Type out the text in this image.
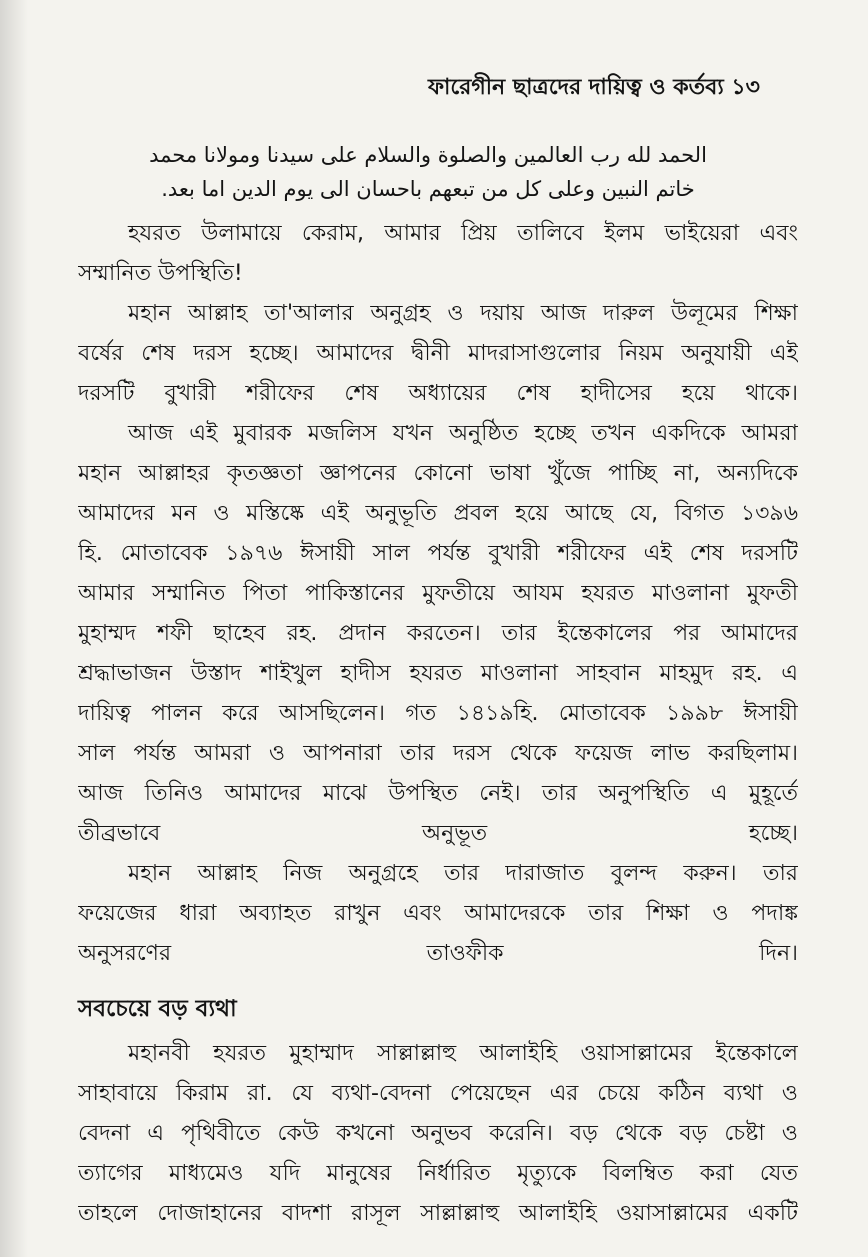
ফারেগীন ছাত্রদের দায়িত্ব ও কর্তব্য ১৩
الحمد لله رب العالمين والصلوة والسلام على سيدنا ومولانا محمد
خاتم النبين وعلى كل من تبعهم باحسان الى يوم الدين اما بعد.
হযরত উলামায়ে কেরাম, আমার প্রিয় তালিবে ইলম ভাইয়েরা এবং
সম্মানিত উপস্থিতি!
মহান আল্লাহ তা'আলার অনুগ্রহ ও দয়ায় আজ দারুল উলূমের শিক্ষা
বর্ষের শেষ দরস হচ্ছে। আমাদের দ্বীনী মাদরাসাগুলোর নিয়ম অনুযায়ী এই
দরসটি বুখারী শরীফের শেষ অধ্যায়ের শেষ হাদীসের হয়ে থাকে।
আজ এই মুবারক মজলিস যখন অনুষ্ঠিত হচ্ছে তখন একদিকে আমরা
মহান আল্লাহর কৃতজ্ঞতা জ্ঞাপনের কোনো ভাষা খুঁজে পাচ্ছি না, অন্যদিকে
আমাদের মন ও মস্তিষ্কে এই অনুভূতি প্রবল হয়ে আছে যে, বিগত ১৩৯৬
হি. মোতাবেক ১৯৭৬ ঈসায়ী সাল পর্যন্ত বুখারী শরীফের এই শেষ দরসটি
আমার সম্মানিত পিতা পাকিস্তানের মুফতীয়ে আযম হযরত মাওলানা মুফতী
মুহাম্মদ শফী ছাহেব রহ. প্রদান করতেন। তার ইন্তেকালের পর আমাদের
শ্রদ্ধাভাজন উস্তাদ শাইখুল হাদীস হযরত মাওলানা সাহবান মাহমুদ রহ. এ
দায়িত্ব পালন করে আসছিলেন। গত ১৪১৯হি. মোতাবেক ১৯৯৮ ঈসায়ী
সাল পর্যন্ত আমরা ও আপনারা তার দরস থেকে ফয়েজ লাভ করছিলাম।
আজ তিনিও আমাদের মাঝে উপস্থিত নেই। তার অনুপস্থিতি এ মুহূর্তে
তীব্রভাবে অনুভূত হচ্ছে।
মহান আল্লাহ নিজ অনুগ্রহে তার দারাজাত বুলন্দ করুন। তার
ফয়েজের ধারা অব্যাহত রাখুন এবং আমাদেরকে তার শিক্ষা ও পদাঙ্ক
অনুসরণের তাওফীক দিন।
সবচেয়ে বড় ব্যথা
মহানবী হযরত মুহাম্মাদ সাল্লাল্লাহু আলাইহি ওয়াসাল্লামের ইন্তেকালে
সাহাবায়ে কিরাম রা. যে ব্যথা-বেদনা পেয়েছেন এর চেয়ে কঠিন ব্যথা ও
বেদনা এ পৃথিবীতে কেউ কখনো অনুভব করেনি। বড় থেকে বড় চেষ্টা ও
ত্যাগের মাধ্যমেও যদি মানুষের নির্ধারিত মৃত্যুকে বিলম্বিত করা যেত
তাহলে দোজাহানের বাদশা রাসূল সাল্লাল্লাহু আলাইহি ওয়াসাল্লামের একটি
